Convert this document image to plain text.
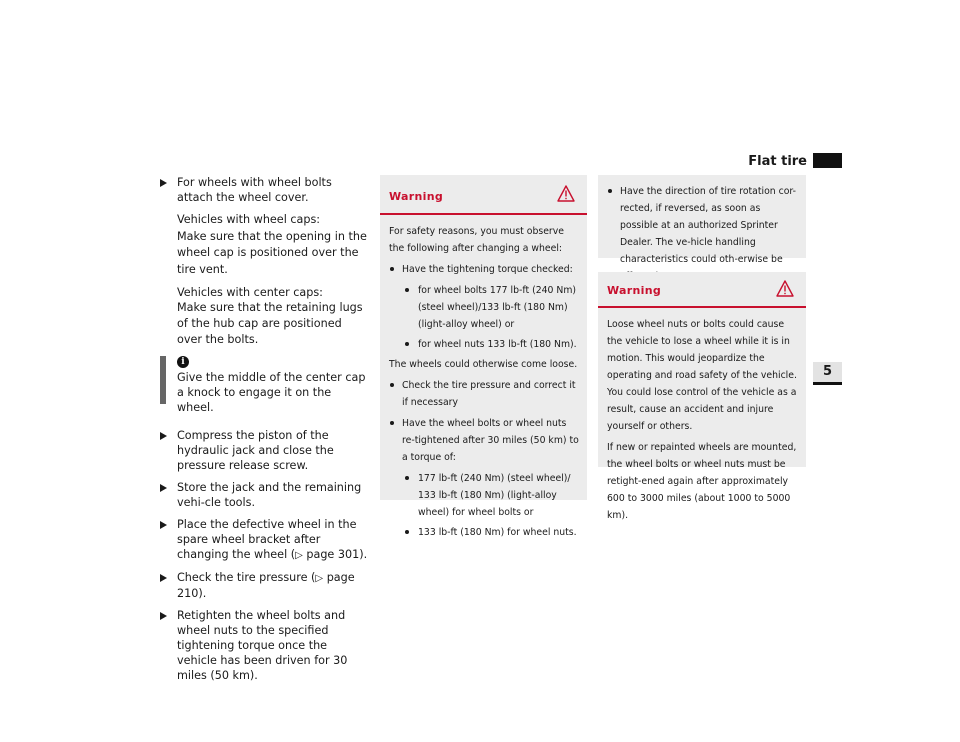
Flat tire
5
For wheels with wheel bolts attach the wheel cover.
Vehicles with wheel caps:
Make sure that the opening in the wheel cap is positioned over the tire vent.
Vehicles with center caps:
Make sure that the retaining lugs of the hub cap are positioned over the bolts.
i
Give the middle of the center cap a knock to engage it on the wheel.
Compress the piston of the hydraulic jack and close the pressure release screw.
Store the jack and the remaining vehi-cle tools.
Place the defective wheel in the spare wheel bracket after changing the wheel (▷ page 301).
Check the tire pressure (▷ page 210).
Retighten the wheel bolts and wheel nuts to the specified tightening torque once the vehicle has been driven for 30 miles (50 km).
Warning

For safety reasons, you must observe the following after changing a wheel:

Have the tightening torque checked:
for wheel bolts 177 lb-ft (240 Nm) (steel wheel)/133 lb-ft (180 Nm) (light-alloy wheel) or
for wheel nuts 133 lb-ft (180 Nm).

The wheels could otherwise come loose.

Check the tire pressure and correct it if necessary
Have the wheel bolts or wheel nuts re-tightened after 30 miles (50 km) to a torque of:
177 lb-ft (240 Nm) (steel wheel)/ 133 lb-ft (180 Nm) (light-alloy wheel) for wheel bolts or
133 lb-ft (180 Nm) for wheel nuts.
Have the direction of tire rotation cor-rected, if reversed, as soon as possible at an authorized Sprinter Dealer. The ve-hicle handling characteristics could oth-erwise be
Warning

Loose wheel nuts or bolts could cause the vehicle to lose a wheel while it is in motion. This would jeopardize the operating and road safety of the vehicle. You could lose control of the vehicle as a result, cause an accident and injure yourself or others.

If new or repainted wheels are mounted, the wheel bolts or wheel nuts must be retight-ened again after approximately 600 to 3000 miles (about 1000 to 5000 km).
